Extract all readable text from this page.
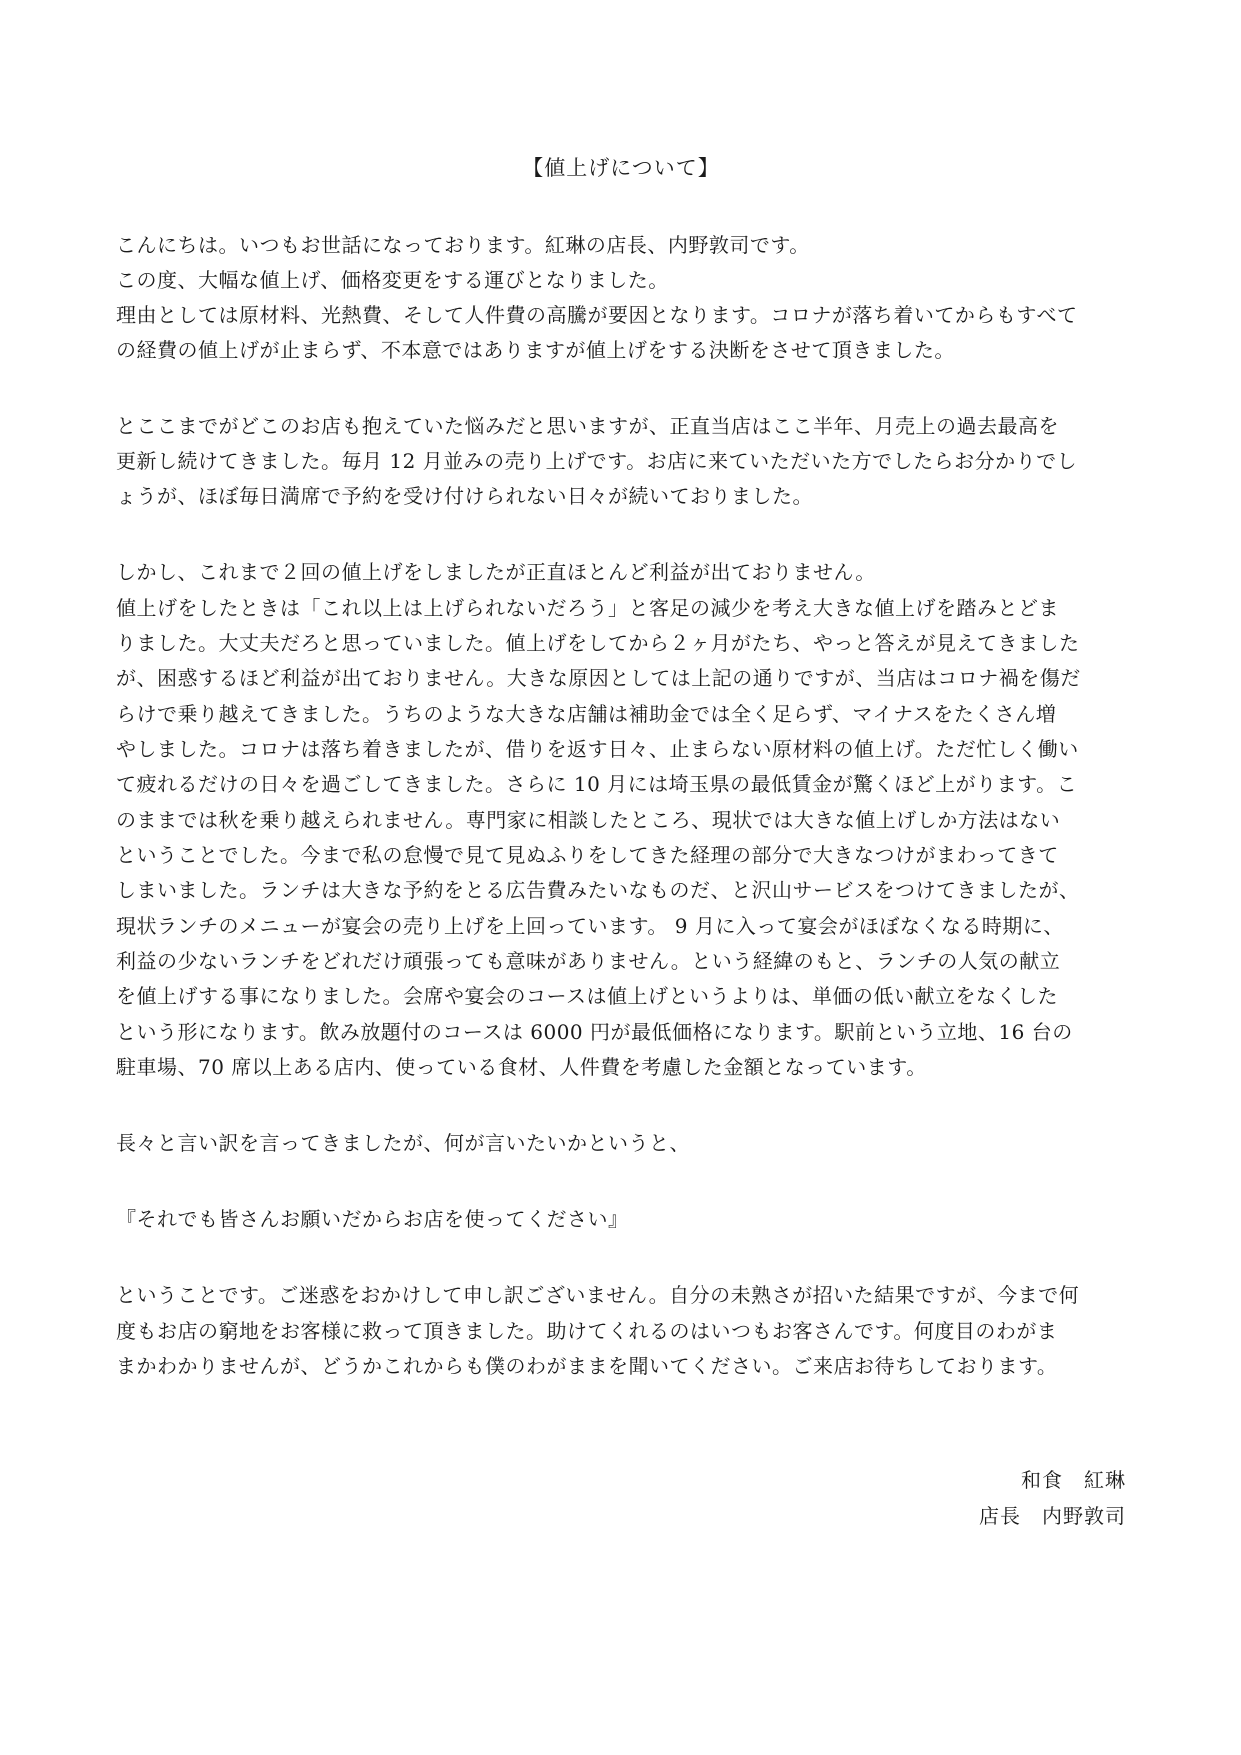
【値上げについて】

こんにちは。いつもお世話になっております。紅琳の店長、内野敦司です。

この度、大幅な値上げ、価格変更をする運びとなりました。

理由としては原材料、光熱費、そして人件費の高騰が要因となります。コロナが落ち着いてからもすべて

の経費の値上げが止まらず、不本意ではありますが値上げをする決断をさせて頂きました。

とここまでがどこのお店も抱えていた悩みだと思いますが、正直当店はここ半年、月売上の過去最高を

更新し続けてきました。毎月 12 月並みの売り上げです。お店に来ていただいた方でしたらお分かりでし

ょうが、ほぼ毎日満席で予約を受け付けられない日々が続いておりました。

しかし、これまで２回の値上げをしましたが正直ほとんど利益が出ておりません。

値上げをしたときは「これ以上は上げられないだろう」と客足の減少を考え大きな値上げを踏みとどま

りました。大丈夫だろと思っていました。値上げをしてから２ヶ月がたち、やっと答えが見えてきました

が、困惑するほど利益が出ておりません。大きな原因としては上記の通りですが、当店はコロナ禍を傷だ

らけで乗り越えてきました。うちのような大きな店舗は補助金では全く足らず、マイナスをたくさん増

やしました。コロナは落ち着きましたが、借りを返す日々、止まらない原材料の値上げ。ただ忙しく働い

て疲れるだけの日々を過ごしてきました。さらに 10 月には埼玉県の最低賃金が驚くほど上がります。こ

のままでは秋を乗り越えられません。専門家に相談したところ、現状では大きな値上げしか方法はない

ということでした。今まで私の怠慢で見て見ぬふりをしてきた経理の部分で大きなつけがまわってきて

しまいました。ランチは大きな予約をとる広告費みたいなものだ、と沢山サービスをつけてきましたが、

現状ランチのメニューが宴会の売り上げを上回っています。 9 月に入って宴会がほぼなくなる時期に、

利益の少ないランチをどれだけ頑張っても意味がありません。という経緯のもと、ランチの人気の献立

を値上げする事になりました。会席や宴会のコースは値上げというよりは、単価の低い献立をなくした

という形になります。飲み放題付のコースは 6000 円が最低価格になります。駅前という立地、16 台の

駐車場、70 席以上ある店内、使っている食材、人件費を考慮した金額となっています。

長々と言い訳を言ってきましたが、何が言いたいかというと、

『それでも皆さんお願いだからお店を使ってください』

ということです。ご迷惑をおかけして申し訳ございません。自分の未熟さが招いた結果ですが、今まで何

度もお店の窮地をお客様に救って頂きました。助けてくれるのはいつもお客さんです。何度目のわがま

まかわかりませんが、どうかこれからも僕のわがままを聞いてください。ご来店お待ちしております。

和食　紅琳

店長　内野敦司
